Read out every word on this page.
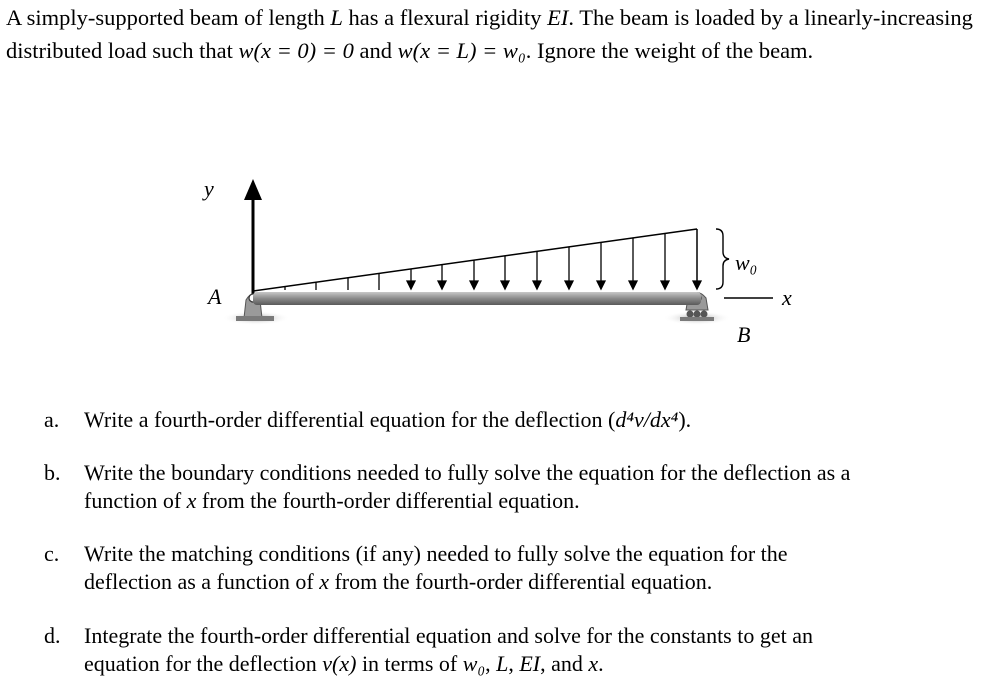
A simply-supported beam of length L has a flexural rigidity EI. The beam is loaded by a linearly-increasing distributed load such that w(x = 0) = 0 and w(x = L) = w₀. Ignore the weight of the beam.
y
w₀
A
B
x
a. Write a fourth-order differential equation for the deflection (d⁴v/dx⁴).
b. Write the boundary conditions needed to fully solve the equation for the deflection as a
function of x from the fourth-order differential equation.
c. Write the matching conditions (if any) needed to fully solve the equation for the
deflection as a function of x from the fourth-order differential equation.
d. Integrate the fourth-order differential equation and solve for the constants to get an
equation for the deflection v(x) in terms of w₀, L, EI, and x.
